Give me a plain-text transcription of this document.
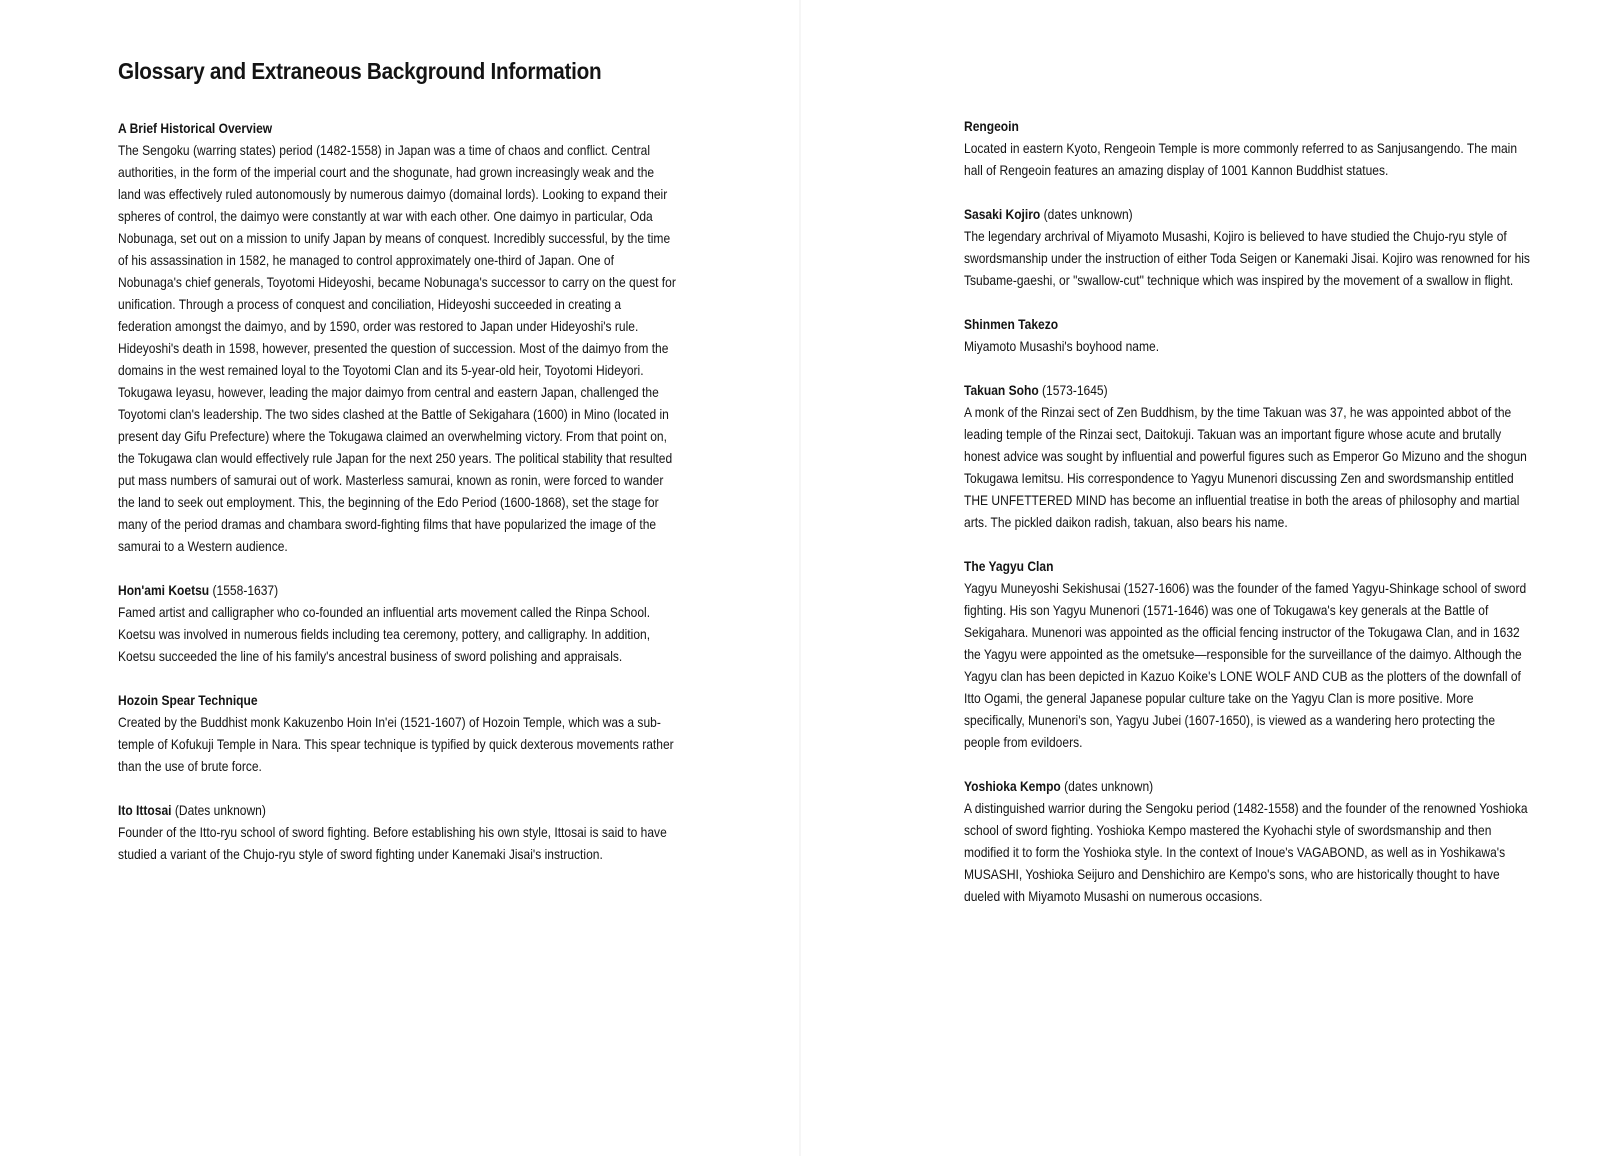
Glossary and Extraneous Background Information
A Brief Historical Overview

The Sengoku (warring states) period (1482-1558) in Japan was a time of chaos and conflict. Central authorities, in the form of the imperial court and the shogunate, had grown increasingly weak and the land was effectively ruled autonomously by numerous daimyo (domainal lords). Looking to expand their spheres of control, the daimyo were constantly at war with each other. One daimyo in particular, Oda Nobunaga, set out on a mission to unify Japan by means of conquest. Incredibly successful, by the time of his assassination in 1582, he managed to control approximately one-third of Japan. One of Nobunaga's chief generals, Toyotomi Hideyoshi, became Nobunaga's successor to carry on the quest for unification. Through a process of conquest and conciliation, Hideyoshi succeeded in creating a federation amongst the daimyo, and by 1590, order was restored to Japan under Hideyoshi's rule. Hideyoshi's death in 1598, however, presented the question of succession. Most of the daimyo from the domains in the west remained loyal to the Toyotomi Clan and its 5-year-old heir, Toyotomi Hideyori. Tokugawa Ieyasu, however, leading the major daimyo from central and eastern Japan, challenged the Toyotomi clan's leadership. The two sides clashed at the Battle of Sekigahara (1600) in Mino (located in present day Gifu Prefecture) where the Tokugawa claimed an overwhelming victory. From that point on, the Tokugawa clan would effectively rule Japan for the next 250 years. The political stability that resulted put mass numbers of samurai out of work. Masterless samurai, known as ronin, were forced to wander the land to seek out employment. This, the beginning of the Edo Period (1600-1868), set the stage for many of the period dramas and chambara sword-fighting films that have popularized the image of the samurai to a Western audience.

Hon'ami Koetsu (1558-1637)

Famed artist and calligrapher who co-founded an influential arts movement called the Rinpa School. Koetsu was involved in numerous fields including tea ceremony, pottery, and calligraphy. In addition, Koetsu succeeded the line of his family's ancestral business of sword polishing and appraisals.

Hozoin Spear Technique

Created by the Buddhist monk Kakuzenbo Hoin In'ei (1521-1607) of Hozoin Temple, which was a sub-temple of Kofukuji Temple in Nara. This spear technique is typified by quick dexterous movements rather than the use of brute force.

Ito Ittosai (Dates unknown)

Founder of the Itto-ryu school of sword fighting. Before establishing his own style, Ittosai is said to have studied a variant of the Chujo-ryu style of sword fighting under Kanemaki Jisai's instruction.

Rengeoin

Located in eastern Kyoto, Rengeoin Temple is more commonly referred to as Sanjusangendo. The main hall of Rengeoin features an amazing display of 1001 Kannon Buddhist statues.

Sasaki Kojiro (dates unknown)

The legendary archrival of Miyamoto Musashi, Kojiro is believed to have studied the Chujo-ryu style of swordsmanship under the instruction of either Toda Seigen or Kanemaki Jisai. Kojiro was renowned for his Tsubame-gaeshi, or "swallow-cut" technique which was inspired by the movement of a swallow in flight.

Shinmen Takezo

Miyamoto Musashi's boyhood name.

Takuan Soho (1573-1645)

A monk of the Rinzai sect of Zen Buddhism, by the time Takuan was 37, he was appointed abbot of the leading temple of the Rinzai sect, Daitokuji. Takuan was an important figure whose acute and brutally honest advice was sought by influential and powerful figures such as Emperor Go Mizuno and the shogun Tokugawa Iemitsu. His correspondence to Yagyu Munenori discussing Zen and swordsmanship entitled THE UNFETTERED MIND has become an influential treatise in both the areas of philosophy and martial arts. The pickled daikon radish, takuan, also bears his name.

The Yagyu Clan

Yagyu Muneyoshi Sekishusai (1527-1606) was the founder of the famed Yagyu-Shinkage school of sword fighting. His son Yagyu Munenori (1571-1646) was one of Tokugawa's key generals at the Battle of Sekigahara. Munenori was appointed as the official fencing instructor of the Tokugawa Clan, and in 1632 the Yagyu were appointed as the ometsuke—responsible for the surveillance of the daimyo. Although the Yagyu clan has been depicted in Kazuo Koike's LONE WOLF AND CUB as the plotters of the downfall of Itto Ogami, the general Japanese popular culture take on the Yagyu Clan is more positive. More specifically, Munenori's son, Yagyu Jubei (1607-1650), is viewed as a wandering hero protecting the people from evildoers.

Yoshioka Kempo (dates unknown)

A distinguished warrior during the Sengoku period (1482-1558) and the founder of the renowned Yoshioka school of sword fighting. Yoshioka Kempo mastered the Kyohachi style of swordsmanship and then modified it to form the Yoshioka style. In the context of Inoue's VAGABOND, as well as in Yoshikawa's MUSASHI, Yoshioka Seijuro and Denshichiro are Kempo's sons, who are historically thought to have dueled with Miyamoto Musashi on numerous occasions.
